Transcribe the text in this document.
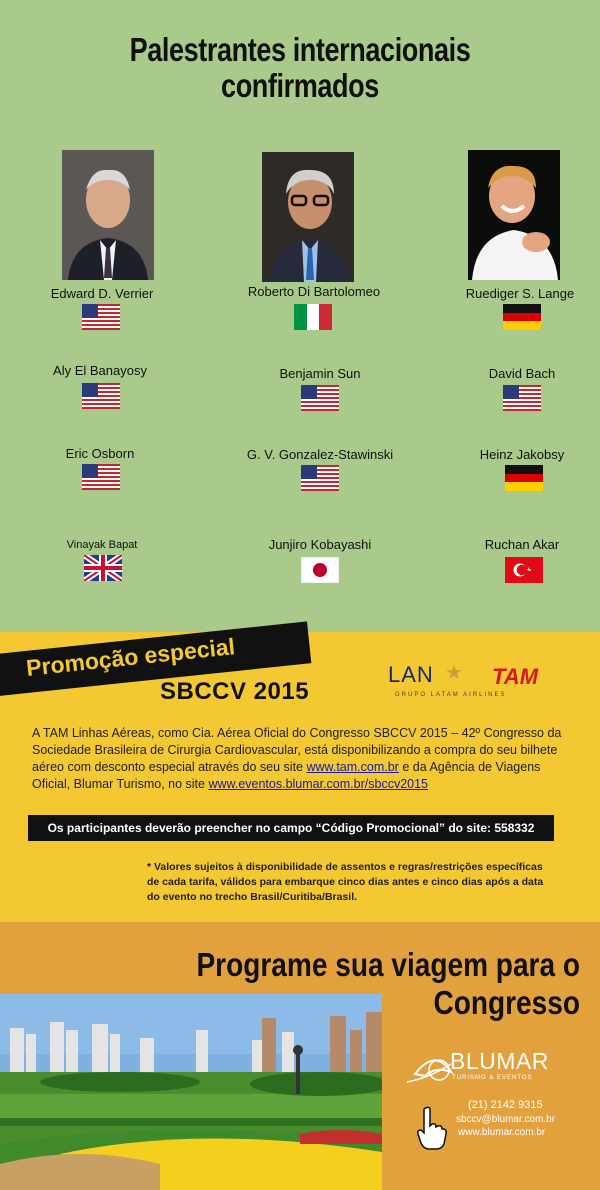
Palestrantes internacionais confirmados
Edward D. Verrier	Roberto Di Bartolomeo	Ruediger S. Lange
Aly El Banayosy	Benjamin Sun	David Bach
Eric Osborn	G. V. Gonzalez-Stawinski	Heinz Jakobsy
Vinayak Bapat	Junjiro Kobayashi	Ruchan Akar
Promoção especial
SBCCV 2015
LAN ★ TAM
GRUPO LATAM AIRLINES

A TAM Linhas Aéreas, como Cia. Aérea Oficial do Congresso SBCCV 2015 – 42º Congresso da Sociedade Brasileira de Cirurgia Cardiovascular, está disponibilizando a compra do seu bilhete aéreo com desconto especial através do seu site www.tam.com.br e da Agência de Viagens Oficial, Blumar Turismo, no site www.eventos.blumar.com.br/sbccv2015

Os participantes deverão preencher no campo “Código Promocional” do site: 558332

* Valores sujeitos à disponibilidade de assentos e regras/restrições específicas de cada tarifa, válidos para embarque cinco dias antes e cinco dias após a data do evento no trecho Brasil/Curitiba/Brasil.

Programe sua viagem para o Congresso
BLUMAR
TURISMO & EVENTOS
(21) 2142 9315
sbccv@blumar.com.br
www.blumar.com.br
